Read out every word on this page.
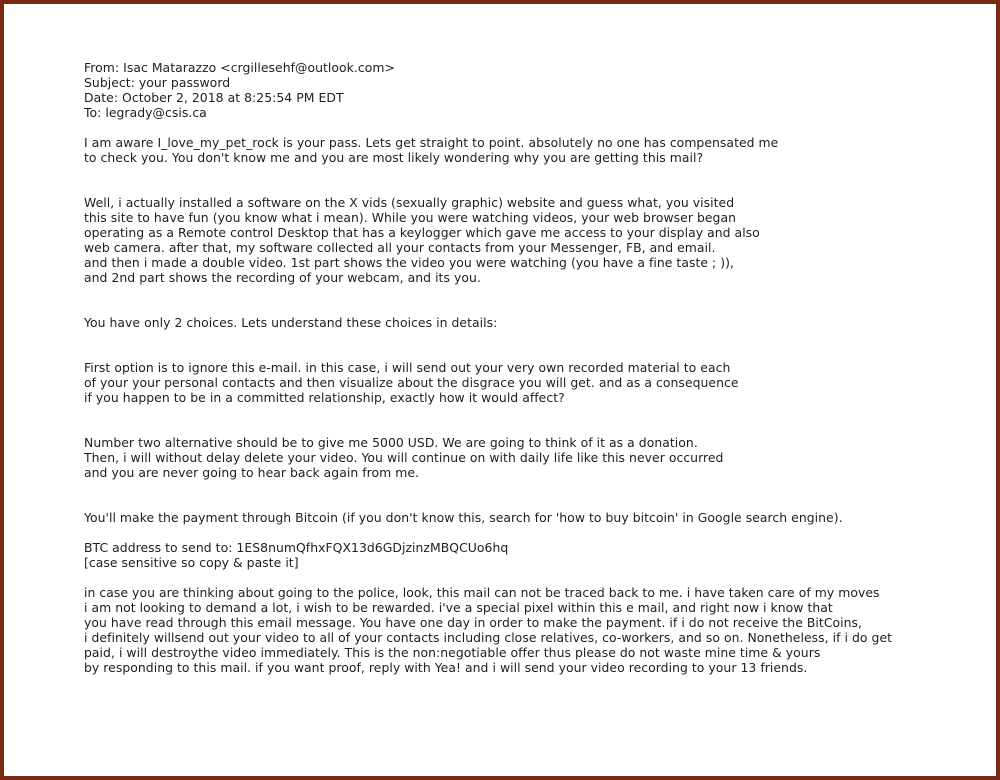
From: Isac Matarazzo <crgillesehf@outlook.com>
Subject: your password
Date: October 2, 2018 at 8:25:54 PM EDT
To: legrady@csis.ca
I am aware I_love_my_pet_rock is your pass. Lets get straight to point. absolutely no one has compensated me
to check you. You don't know me and you are most likely wondering why you are getting this mail?
Well, i actually installed a software on the X vids (sexually graphic) website and guess what, you visited
this site to have fun (you know what i mean). While you were watching videos, your web browser began
operating as a Remote control Desktop that has a keylogger which gave me access to your display and also
web camera. after that, my software collected all your contacts from your Messenger, FB, and email.
and then i made a double video. 1st part shows the video you were watching (you have a fine taste ; )),
and 2nd part shows the recording of your webcam, and its you.
You have only 2 choices. Lets understand these choices in details:
First option is to ignore this e-mail. in this case, i will send out your very own recorded material to each
of your your personal contacts and then visualize about the disgrace you will get. and as a consequence
if you happen to be in a committed relationship, exactly how it would affect?
Number two alternative should be to give me 5000 USD. We are going to think of it as a donation.
Then, i will without delay delete your video. You will continue on with daily life like this never occurred
and you are never going to hear back again from me.
You'll make the payment through Bitcoin (if you don't know this, search for 'how to buy bitcoin' in Google search engine).
BTC address to send to: 1ES8numQfhxFQX13d6GDjzinzMBQCUo6hq
[case sensitive so copy & paste it]
in case you are thinking about going to the police, look, this mail can not be traced back to me. i have taken care of my moves
i am not looking to demand a lot, i wish to be rewarded. i've a special pixel within this e mail, and right now i know that
you have read through this email message. You have one day in order to make the payment. if i do not receive the BitCoins,
i definitely willsend out your video to all of your contacts including close relatives, co-workers, and so on. Nonetheless, if i do get
paid, i will destroythe video immediately. This is the non:negotiable offer thus please do not waste mine time & yours
by responding to this mail. if you want proof, reply with Yea! and i will send your video recording to your 13 friends.
